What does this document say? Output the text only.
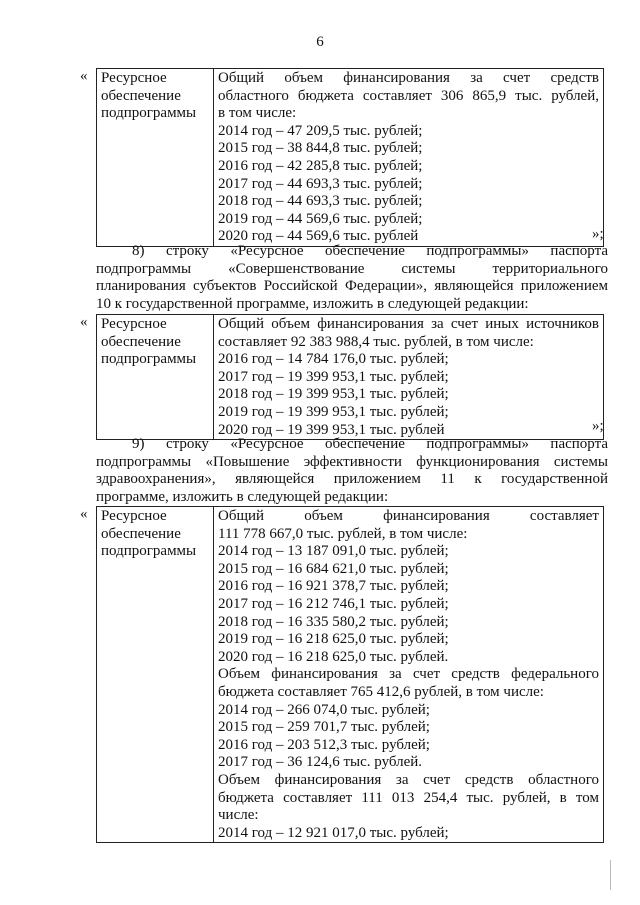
6
« Ресурсное
обеспечение
подпрограммы

Общий объем финансирования за счет средств
областного бюджета составляет 306 865,9 тыс. рублей,
в том числе:
2014 год – 47 209,5 тыс. рублей;
2015 год – 38 844,8 тыс. рублей;
2016 год – 42 285,8 тыс. рублей;
2017 год – 44 693,3 тыс. рублей;
2018 год – 44 693,3 тыс. рублей;
2019 год – 44 569,6 тыс. рублей;
2020 год – 44 569,6 тыс. рублей	»;
8) строку «Ресурсное обеспечение подпрограммы» паспорта
подпрограммы «Совершенствование системы территориального
планирования субъектов Российской Федерации», являющейся приложением
10 к государственной программе, изложить в следующей редакции:
« Ресурсное
обеспечение
подпрограммы

Общий объем финансирования за счет иных источников
составляет 92 383 988,4 тыс. рублей, в том числе:
2016 год – 14 784 176,0 тыс. рублей;
2017 год – 19 399 953,1 тыс. рублей;
2018 год – 19 399 953,1 тыс. рублей;
2019 год – 19 399 953,1 тыс. рублей;
2020 год – 19 399 953,1 тыс. рублей	»;
9) строку «Ресурсное обеспечение подпрограммы» паспорта
подпрограммы «Повышение эффективности функционирования системы
здравоохранения», являющейся приложением 11 к государственной
программе, изложить в следующей редакции:
« Ресурсное
обеспечение
подпрограммы

Общий объем финансирования составляет
111 778 667,0 тыс. рублей, в том числе:
2014 год – 13 187 091,0 тыс. рублей;
2015 год – 16 684 621,0 тыс. рублей;
2016 год – 16 921 378,7 тыс. рублей;
2017 год – 16 212 746,1 тыс. рублей;
2018 год – 16 335 580,2 тыс. рублей;
2019 год – 16 218 625,0 тыс. рублей;
2020 год – 16 218 625,0 тыс. рублей.
Объем финансирования за счет средств федерального
бюджета составляет 765 412,6 рублей, в том числе:
2014 год – 266 074,0 тыс. рублей;
2015 год – 259 701,7 тыс. рублей;
2016 год – 203 512,3 тыс. рублей;
2017 год – 36 124,6 тыс. рублей.
Объем финансирования за счет средств областного
бюджета составляет 111 013 254,4 тыс. рублей, в том
числе:
2014 год – 12 921 017,0 тыс. рублей;
